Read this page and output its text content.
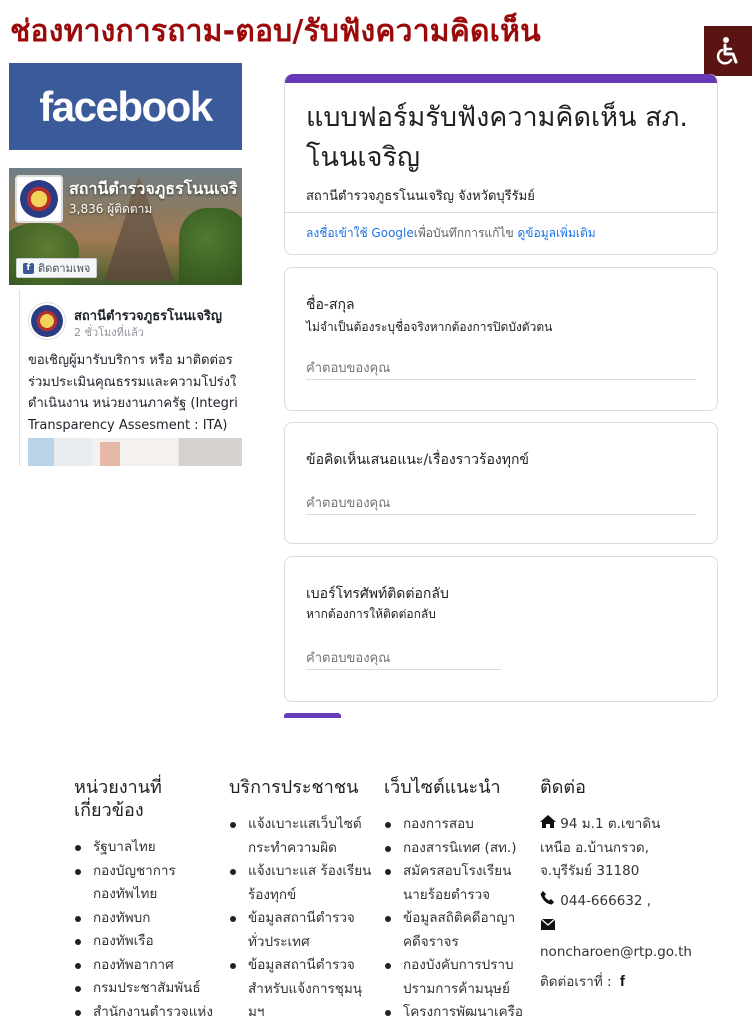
ช่องทางการถาม-ตอบ/รับฟังความคิดเห็น
facebook
สถานีตำรวจภูธรโนนเจริ
3,836 ผู้ติดตาม
f ติดตามเพจ
สถานีตำรวจภูธรโนนเจริญ
2 ชั่วโมงที่แล้ว
ขอเชิญผู้มารับบริการ หรือ มาติดต่อร
ร่วมประเมินคุณธรรมและความโปร่งใ
ดำเนินงาน หน่วยงานภาครัฐ (Integri
Transparency Assesment : ITA)
แบบฟอร์มรับฟังความคิดเห็น สภ. โนนเจริญ
สถานีตำรวจภูธรโนนเจริญ จังหวัดบุรีรัมย์
ลงชื่อเข้าใช้ Googleเพื่อบันทึกการแก้ไข ดูข้อมูลเพิ่มเติม
ชื่อ-สกุล
ไม่จำเป็นต้องระบุชื่อจริงหากต้องการปิดบังตัวตน
คำตอบของคุณ
ข้อคิดเห็นเสนอแนะ/เรื่องราวร้องทุกข์
คำตอบของคุณ
เบอร์โทรศัพท์ติดต่อกลับ
หากต้องการให้ติดต่อกลับ
คำตอบของคุณ
หน่วยงานที่
เกี่ยวข้อง
รัฐบาลไทย
กองบัญชาการ
กองทัพไทย
กองทัพบก
กองทัพเรือ
กองทัพอากาศ
กรมประชาสัมพันธ์
สำนักงานตำรวจแห่ง
บริการประชาชน
แจ้งเบาะแสเว็บไซต์
กระทำความผิด
แจ้งเบาะแส ร้องเรียน
ร้องทุกข์
ข้อมูลสถานีตำรวจ
ทั่วประเทศ
ข้อมูลสถานีตำรวจ
สำหรับแจ้งการชุมนุ
มฯ
เว็บไซต์แนะนำ
กองการสอบ
กองสารนิเทศ (สท.)
สมัครสอบโรงเรียน
นายร้อยตำรวจ
ข้อมูลสถิติคดีอาญา
คดีจราจร
กองบังคับการปราบ
ปรามการค้ามนุษย์
โครงการพัฒนาเครือ
ติดต่อ
94 ม.1 ต.เขาดิน
เหนือ อ.บ้านกรวด,
จ.บุรีรัมย์ 31180
044-666632 ,
noncharoen@rtp.go.th
ติดต่อเราที่ : f
